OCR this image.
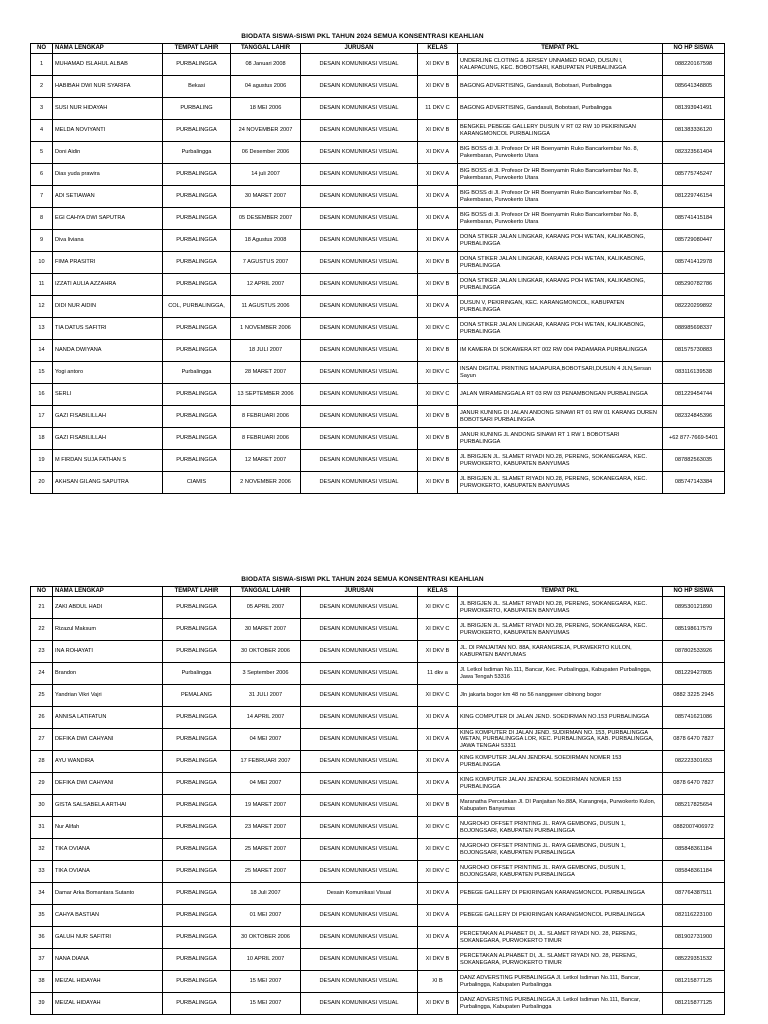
BIODATA SISWA-SISWI PKL TAHUN 2024 SEMUA KONSENTRASI KEAHLIAN
NO	NAMA LENGKAP	TEMPAT LAHIR	TANGGAL LAHIR	JURUSAN	KELAS	TEMPAT PKL	NO HP SISWA
1	MUHAMAD ISLAHUL ALBAB	PURBALINGGA	08 Januari 2008	DESAIN KOMUNIKASI VISUAL	XI DKV B	UNDERLINE CLOTING & JERSEY UNNAMED ROAD, DUSUN I, KALAPACUNG, KEC. BOBOTSARI, KABUPATEN PURBALINGGA	088220167598
2	HABIBAH DWI NUR SYARIFA	Bekasi	04 agustus 2006	DESAIN KOMUNIKASI VISUAL	XI DKV B	BAGONG ADVERTISING, Gandasuli, Bobotsari, Purbalingga	085641348805
3	SUSI NUR HIDAYAH	PURBALING	18 MEI 2006	DESAIN KOMUNIKASI VISUAL	11 DKV C	BAGONG ADVERTISING, Gandasuli, Bobotsari, Purbalingga	081393941491
4	MELDA NOVIYANTI	PURBALINGGA	24 NOVEMBER 2007	DESAIN KOMUNIKASI VISUAL	XI DKV B	BENGKEL PEBEGE GALLERY DUSUN V RT 02 RW 10 PEKIRINGAN KARANGMONCOL PURBALINGGA	081383336120
5	Doni Aidin	Purbalingga	06 Desember 2006	DESAIN KOMUNIKASI VISUAL	XI DKV A	BIG BOSS di Jl. Profesor Dr HR Boenyamin Ruko Bancarkembar No. 8, Pakembaran, Purwokerto Utara	082323561404
6	Dias yuda prawira	PURBALINGGA	14 juli 2007	DESAIN KOMUNIKASI VISUAL	XI DKV A	BIG BOSS di Jl. Profesor Dr HR Boenyamin Ruko Bancarkembar No. 8, Pakembaran, Purwokerto Utara	085775745247
7	ADI SETIAWAN	PURBALINGGA	30 MARET 2007	DESAIN KOMUNIKASI VISUAL	XI DKV A	BIG BOSS di Jl. Profesor Dr HR Boenyamin Ruko Bancarkembar No. 8, Pakembaran, Purwokerto Utara	081229746154
8	EGI CAHYA DWI SAPUTRA	PURBALINGGA	05 DESEMBER 2007	DESAIN KOMUNIKASI VISUAL	XI DKV A	BIG BOSS di Jl. Profesor Dr HR Boenyamin Ruko Bancarkembar No. 8, Pakembaran, Purwokerto Utara	085741415184
9	Diva liviana	PURBALINGGA	18 Agustus 2008	DESAIN KOMUNIKASI VISUAL	XI DKV A	DONA STIKER JALAN LINGKAR, KARANG POH WETAN, KALIKABONG, PURBALINGGA	085729080447
10	FIMA PRASITRI	PURBALINGGA	7 AGUSTUS 2007	DESAIN KOMUNIKASI VISUAL	XI DKV B	DONA STIKER JALAN LINGKAR, KARANG POH WETAN, KALIKABONG, PURBALINGGA	085741412978
11	IZZATI AULIA AZZAHRA	PURBALINGGA	12 APRIL 2007	DESAIN KOMUNIKASI VISUAL	XI DKV B	DONA STIKER JALAN LINGKAR, KARANG POH WETAN, KALIKABONG, PURBALINGGA	085290782786
12	DIDI NUR AIDIN	COL, PURBALINGGA,	11 AGUSTUS 2006	DESAIN KOMUNIKASI VISUAL	XI DKV A	DUSUN V, PEKIRINGAN, KEC. KARANGMONCOL, KABUPATEN PURBALINGGA	082220299892
13	TIA DATUS SAFITRI	PURBALINGGA	1 NOVEMBER 2006	DESAIN KOMUNIKASI VISUAL	XI DKV C	DONA STIKER JALAN LINGKAR, KARANG POH WETAN, KALIKABONG, PURBALINGGA	088985698337
14	NANDA DWIYANA	PURBALINGGA	18 JULI 2007	DESAIN KOMUNIKASI VISUAL	XI DKV B	IM KAMERA DI SOKAWERA RT 002 RW 004 PADAMARA PURBALINGGA	081575730883
15	Yogi antoro	Purbalingga	28 MARET 2007	DESAIN KOMUNIKASI VISUAL	XI DKV C	INSAN DIGITAL PRINTING MAJAPURA,BOBOTSARI,DUSUN 4 JLN,Sersan Sayun	083116139538
16	SERLI	PURBALINGGA	13 SEPTEMBER 2006	DESAIN KOMUNIKASI VISUAL	XI DKV C	JALAN WIRAMENGGALA RT 03 RW 03 PENAMBONGAN PURBALINGGA	081229454744
17	GAZI FISABILILLAH	PURBALINGGA	8 FEBRUARI 2006	DESAIN KOMUNIKASI VISUAL	XI DKV B	JANUR KUNING DI JALAN ANDONG SINAWI RT 01 RW 01 KARANG DUREN BOBOTSARI PURBALINGGA	082324845396
18	GAZI FISABILILLAH	PURBALINGGA	8 FEBRUARI 2006	DESAIN KOMUNIKASI VISUAL	XI DKV B	JANUR KUNING JL ANDONG SINAWI RT 1 RW 1 BOBOTSARI PURBALINGGA	+62 877-7669-5401
19	M FIRDAN SUJA FATHAN S	PURBALINGGA	12 MARET 2007	DESAIN KOMUNIKASI VISUAL	XI DKV B	JL BRIGJEN JL. SLAMET RIYADI NO.28, PERENG, SOKANEGARA, KEC. PURWOKERTO, KABUPATEN BANYUMAS	087882563035
20	AKHSAN GILANG SAPUTRA	CIAMIS	2 NOVEMBER 2006	DESAIN KOMUNIKASI VISUAL	XI DKV B	JL BRIGJEN JL. SLAMET RIYADI NO.28, PERENG, SOKANEGARA, KEC. PURWOKERTO, KABUPATEN BANYUMAS	085747143384
BIODATA SISWA-SISWI PKL TAHUN 2024 SEMUA KONSENTRASI KEAHLIAN
NO	NAMA LENGKAP	TEMPAT LAHIR	TANGGAL LAHIR	JURUSAN	KELAS	TEMPAT PKL	NO HP SISWA
21	ZAKI ABDUL HADI	PURBALINGGA	05 APRIL 2007	DESAIN KOMUNIKASI VISUAL	XI DKV C	JL BRIGJEN JL. SLAMET RIYADI NO.28, PERENG, SOKANEGARA, KEC. PURWOKERTO, KABUPATEN BANYUMAS	089530121890
22	Rizazul Maksum	PURBALINGGA	30 MARET 2007	DESAIN KOMUNIKASI VISUAL	XI DKV C	JL BRIGJEN JL. SLAMET RIYADI NO.28, PERENG, SOKANEGARA, KEC. PURWOKERTO, KABUPATEN BANYUMAS	085198617579
23	INA ROHAYATI	PURBALINGGA	30 OKTOBER 2006	DESAIN KOMUNIKASI VISUAL	XI DKV B	JL. DI PANJAITAN NO. 88A, KARANGREJA, PURWEKRTO KULON, KABUPATEN BANYUMAS	087802533926
24	Brandon	Purbalingga	3 September 2006	DESAIN KOMUNIKASI VISUAL	11 dkv a	Jl. Letkol Isdiman No.111, Bancar, Kec. Purbalingga, Kabupaten Purbalingga, Jawa Tengah 53316	081229427805
25	Yandrian Vikri Vajri	PEMALANG	31 JULI 2007	DESAIN KOMUNIKASI VISUAL	XI DKV C	Jln jakarta bogor km 48 no 56 nanggewer cibinong bogor	0882 3225 2945
26	ANNISA LATIFATUN	PURBALINGGA	14 APRIL 2007	DESAIN KOMUNIKASI VISUAL	XI DKV A	KING COMPUTER DI JALAN JEND. SOEDIRMAN NO.153 PURBALINGGA	085741621086
27	DEFIKA DWI CAHYANI	PURBALINGGA	04 MEI 2007	DESAIN KOMUNIKASI VISUAL	XI DKV A	KING KOMPUTER DI JALAN JEND. SUDIRMAN NO. 153, PURBALINGGA WETAN, PURBALINGGA LOR, KEC. PURBALINGGA, KAB. PURBALINGGA, JAWA TENGAH 53311	0878 6470 7827
28	AYU WANDIRA	PURBALINGGA	17 FEBRUARI 2007	DESAIN KOMUNIKASI VISUAL	XI DKV A	KING KOMPUTER JALAN JENDRAL SOEDIRMAN NOMER 153 PURBALINGGA	082223301653
29	DEFIKA DWI CAHYANI	PURBALINGGA	04 MEI 2007	DESAIN KOMUNIKASI VISUAL	XI DKV A	KING KOMPUTER JALAN JENDRAL SOEDIRMAN NOMER 153 PURBALINGGA	0878 6470 7827
30	GISTA SALSABELA ARTHAI	PURBALINGGA	19 MARET 2007	DESAIN KOMUNIKASI VISUAL	XI DKV B	Maranatha Percetakan Jl. DI Panjaitan No.88A, Karangreja, Purwokerto Kulon, Kabupaten Banyumas	085217825654
31	Nur Alifah	PURBALINGGA	23 MARET 2007	DESAIN KOMUNIKASI VISUAL	XI DKV C	NUGROHO OFFSET PRINTING JL. RAYA GEMBONG, DUSUN 1, BOJONGSARI, KABUPATEN PURBALINGGA	0882007406972
32	TIKA OVIANA	PURBALINGGA	25 MARET 2007	DESAIN KOMUNIKASI VISUAL	XI DKV C	NUGROHO OFFSET PRINTING JL. RAYA GEMBONG, DUSUN 1, BOJONGSARI, KABUPATEN PURBALINGGA	085848361184
33	TIKA OVIANA	PURBALINGGA	25 MARET 2007	DESAIN KOMUNIKASI VISUAL	XI DKV C	NUGROHO OFFSET PRINTING JL. RAYA GEMBONG, DUSUN 1, BOJONGSARI, KABUPATEN PURBALINGGA	085848361184
34	Damar Arka Bomantara Sutanto	PURBALINGGA	18 Juli 2007	Desain Komunikasi Visual	XI DKV A	PEBEGE GALLERY DI PEKIRINGAN KARANGMONCOL PURBALINGGA	087764387511
35	CAHYA BASTIAN	PURBALINGGA	01 MEI 2007	DESAIN KOMUNIKASI VISUAL	XI DKV A	PEBEGE GALLERY DI PEKIRINGAN KARANGMONCOL PURBALINGGA	082116223100
36	GALUH NUR SAFITRI	PURBALINGGA	30 OKTOBER 2006	DESAIN KOMUNIKASI VISUAL	XI DKV A	PERCETAKAN ALPHABET DI, JL. SLAMET RIYADI NO. 28, PERENG, SOKANEGARA, PURWOKERTO TIMUR	081902731900
37	NANA DIANA	PURBALINGGA	10 APRIL 2007	DESAIN KOMUNIKASI VISUAL	XI DKV B	PERCETAKAN ALPHABET DI, JL. SLAMET RIYADI NO. 28, PERENG, SOKANEGARA, PURWOKERTO TIMUR	085229351532
38	MEIZAL HIDAYAH	PURBALINGGA	15 MEI 2007	DESAIN KOMUNIKASI VISUAL	XI B	DANZ ADVERSTING PURBALINGGA Jl. Letkol Isdiman No.111, Bancar, Purbalingga, Kabupaten Purbalingga	081215877125
39	MEIZAL HIDAYAH	PURBALINGGA	15 MEI 2007	DESAIN KOMUNIKASI VISUAL	XI DKV B	DANZ ADVERSTING PURBALINGGA Jl. Letkol Isdiman No.111, Bancar, Purbalingga, Kabupaten Purbalingga	081215877125
